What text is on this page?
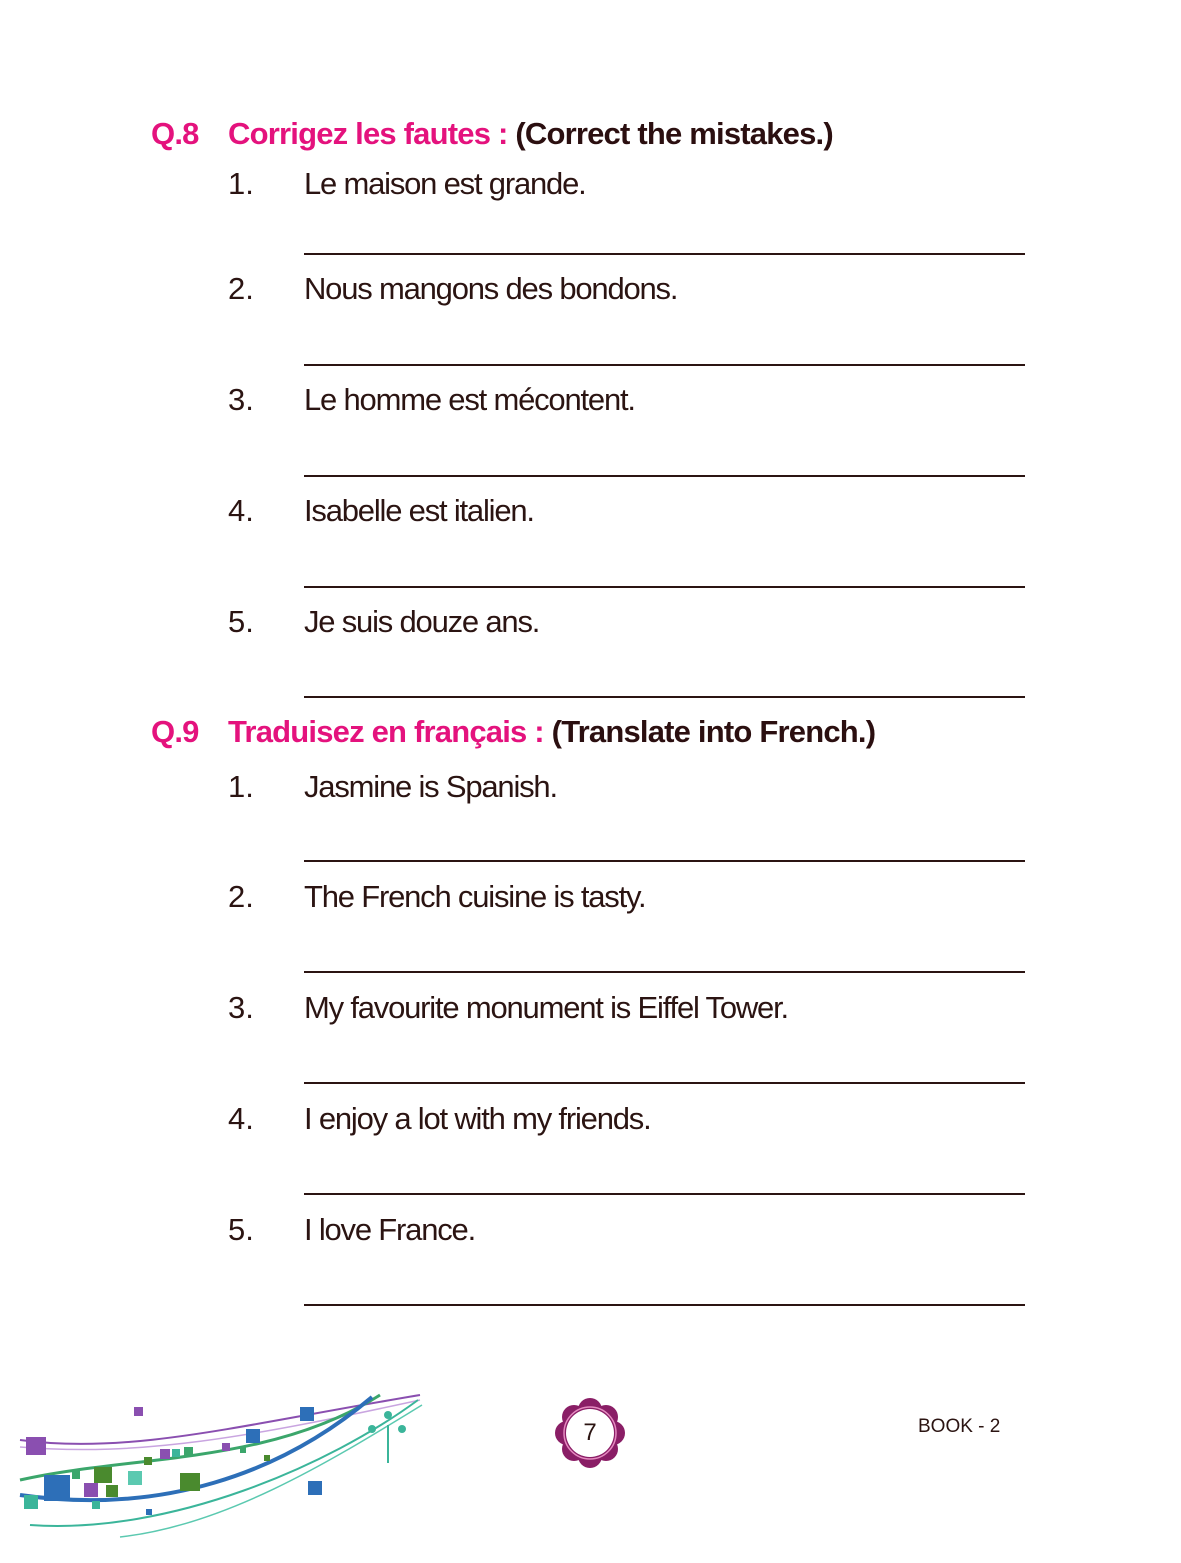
Q.8 Corrigez les fautes : (Correct the mistakes.)
1. Le maison est grande.
2. Nous mangons des bondons.
3. Le homme est mécontent.
4. Isabelle est italien.
5. Je suis douze ans.
Q.9 Traduisez en français : (Translate into French.)
1. Jasmine is Spanish.
2. The French cuisine is tasty.
3. My favourite monument is Eiffel Tower.
4. I enjoy a lot with my friends.
5. I love France.
7	BOOK - 2
